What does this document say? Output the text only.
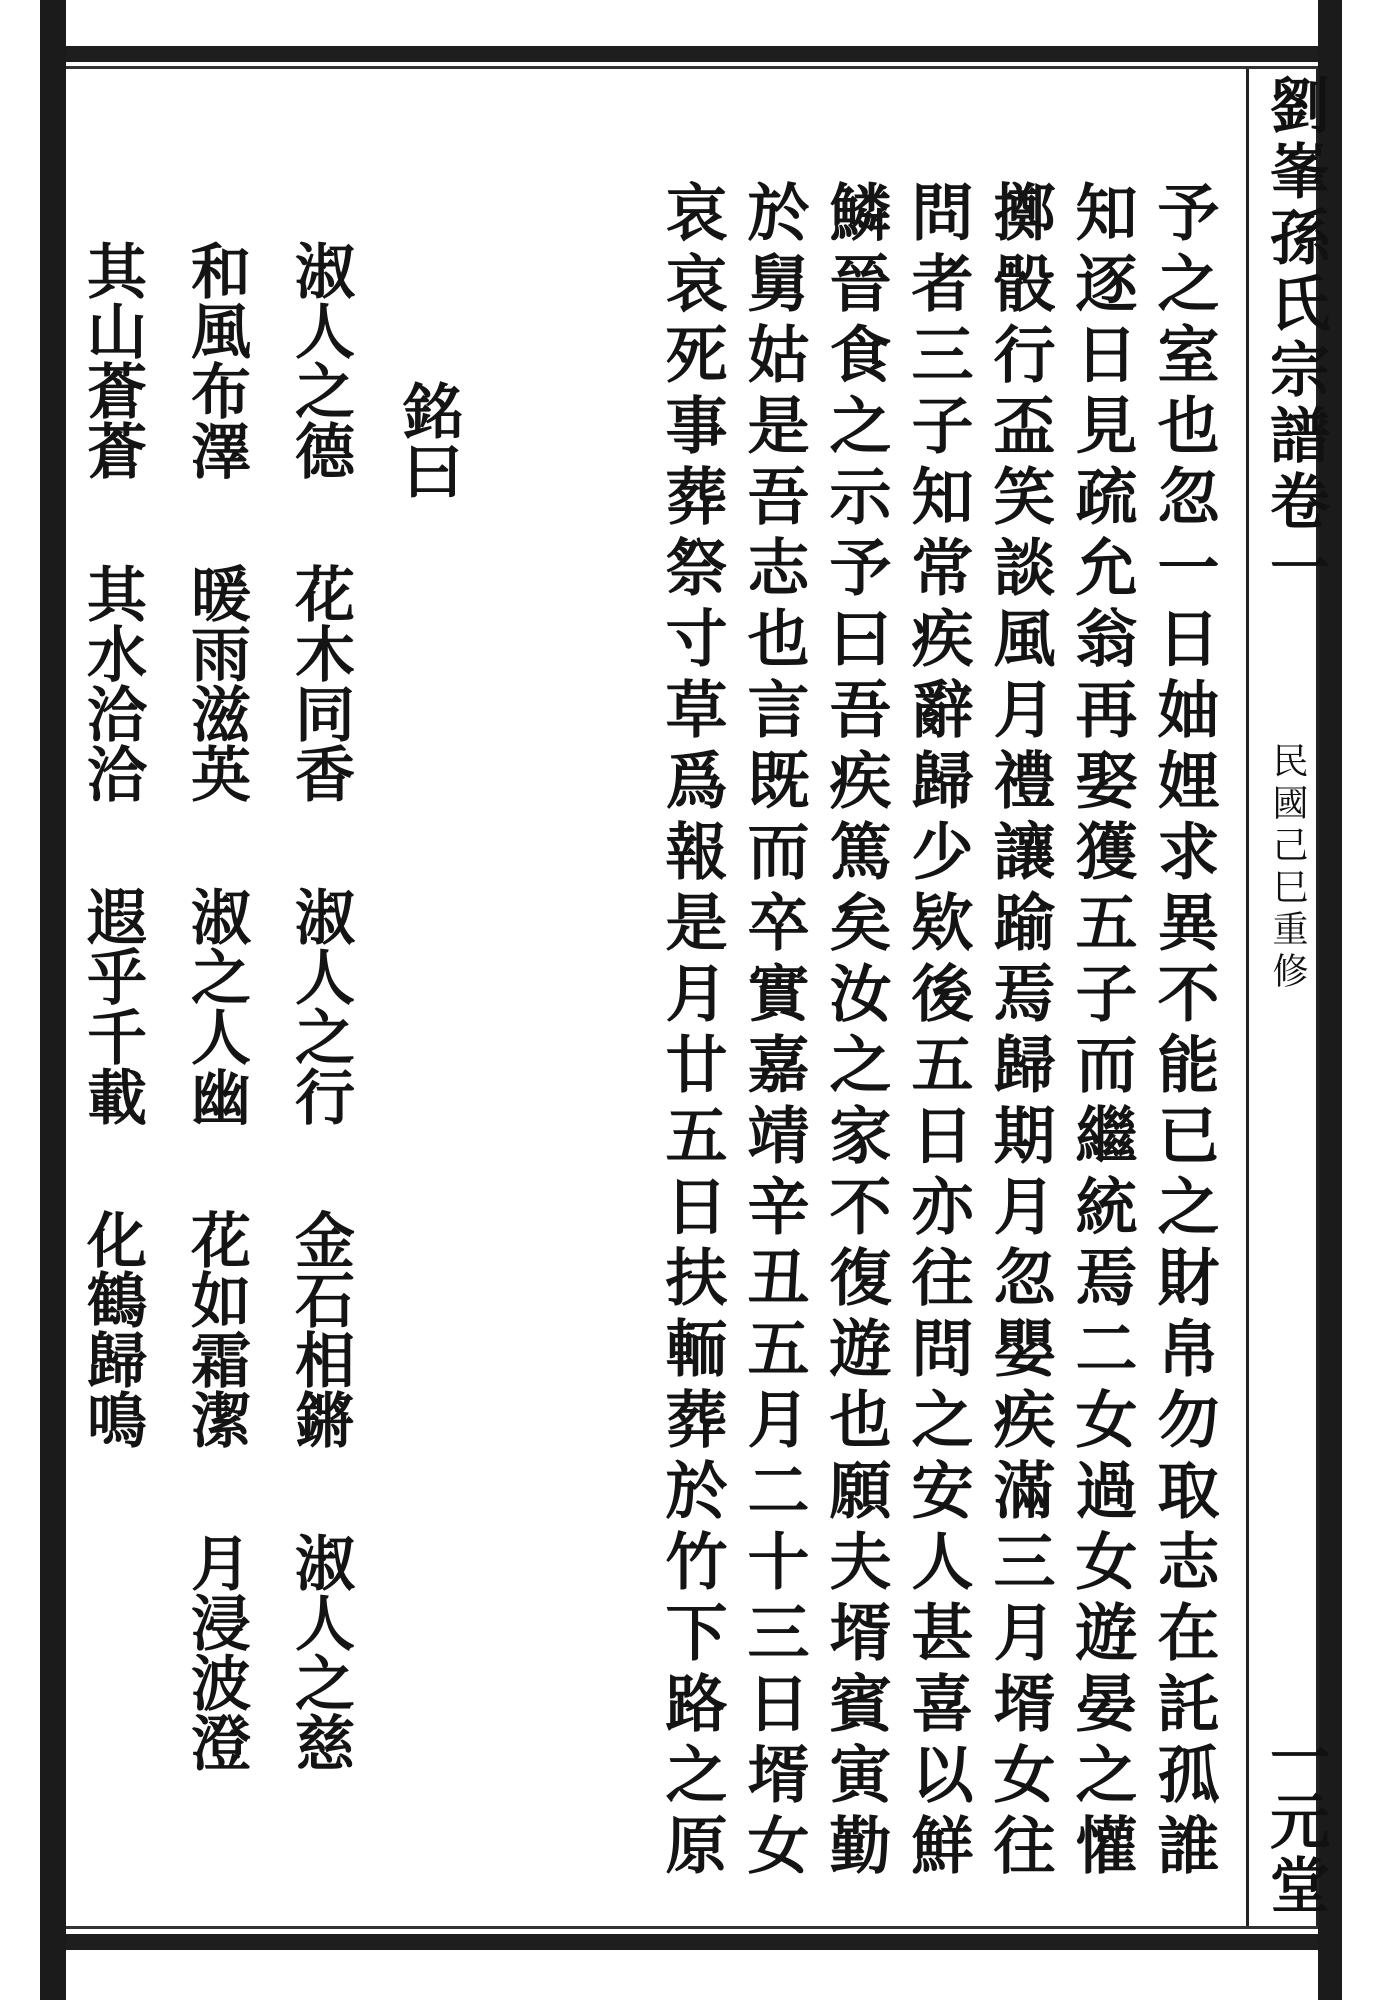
劉峯孫氏宗譜卷一
民國己巳重修
一元堂
予之室也忽一日妯娌求異不能已之財帛勿取志在託孤誰
知逐日見疏允翁再娶獲五子而繼統焉二女過女遊晏之懽
擲骰行盃笑談風月禮讓踰焉歸期月忽嬰疾滿三月壻女往
問者三子知常疾辭歸少欵後五日亦往問之安人甚喜以鮮
鱗晉食之示予曰吾疾篤矣汝之家不復遊也願夫壻賓寅勤
於舅姑是吾志也言既而卒實嘉靖辛丑五月二十三日壻女
哀哀死事葬祭寸草爲報是月廿五日扶輀葬於竹下路之原
銘曰
淑人之德 花木同香 淑人之行 金石相鏘 淑人之慈
和風布澤 暖雨滋英 淑之人幽 花如霜潔 月浸波澄
其山蒼蒼 其水洽洽 遐乎千載 化鶴歸鳴
